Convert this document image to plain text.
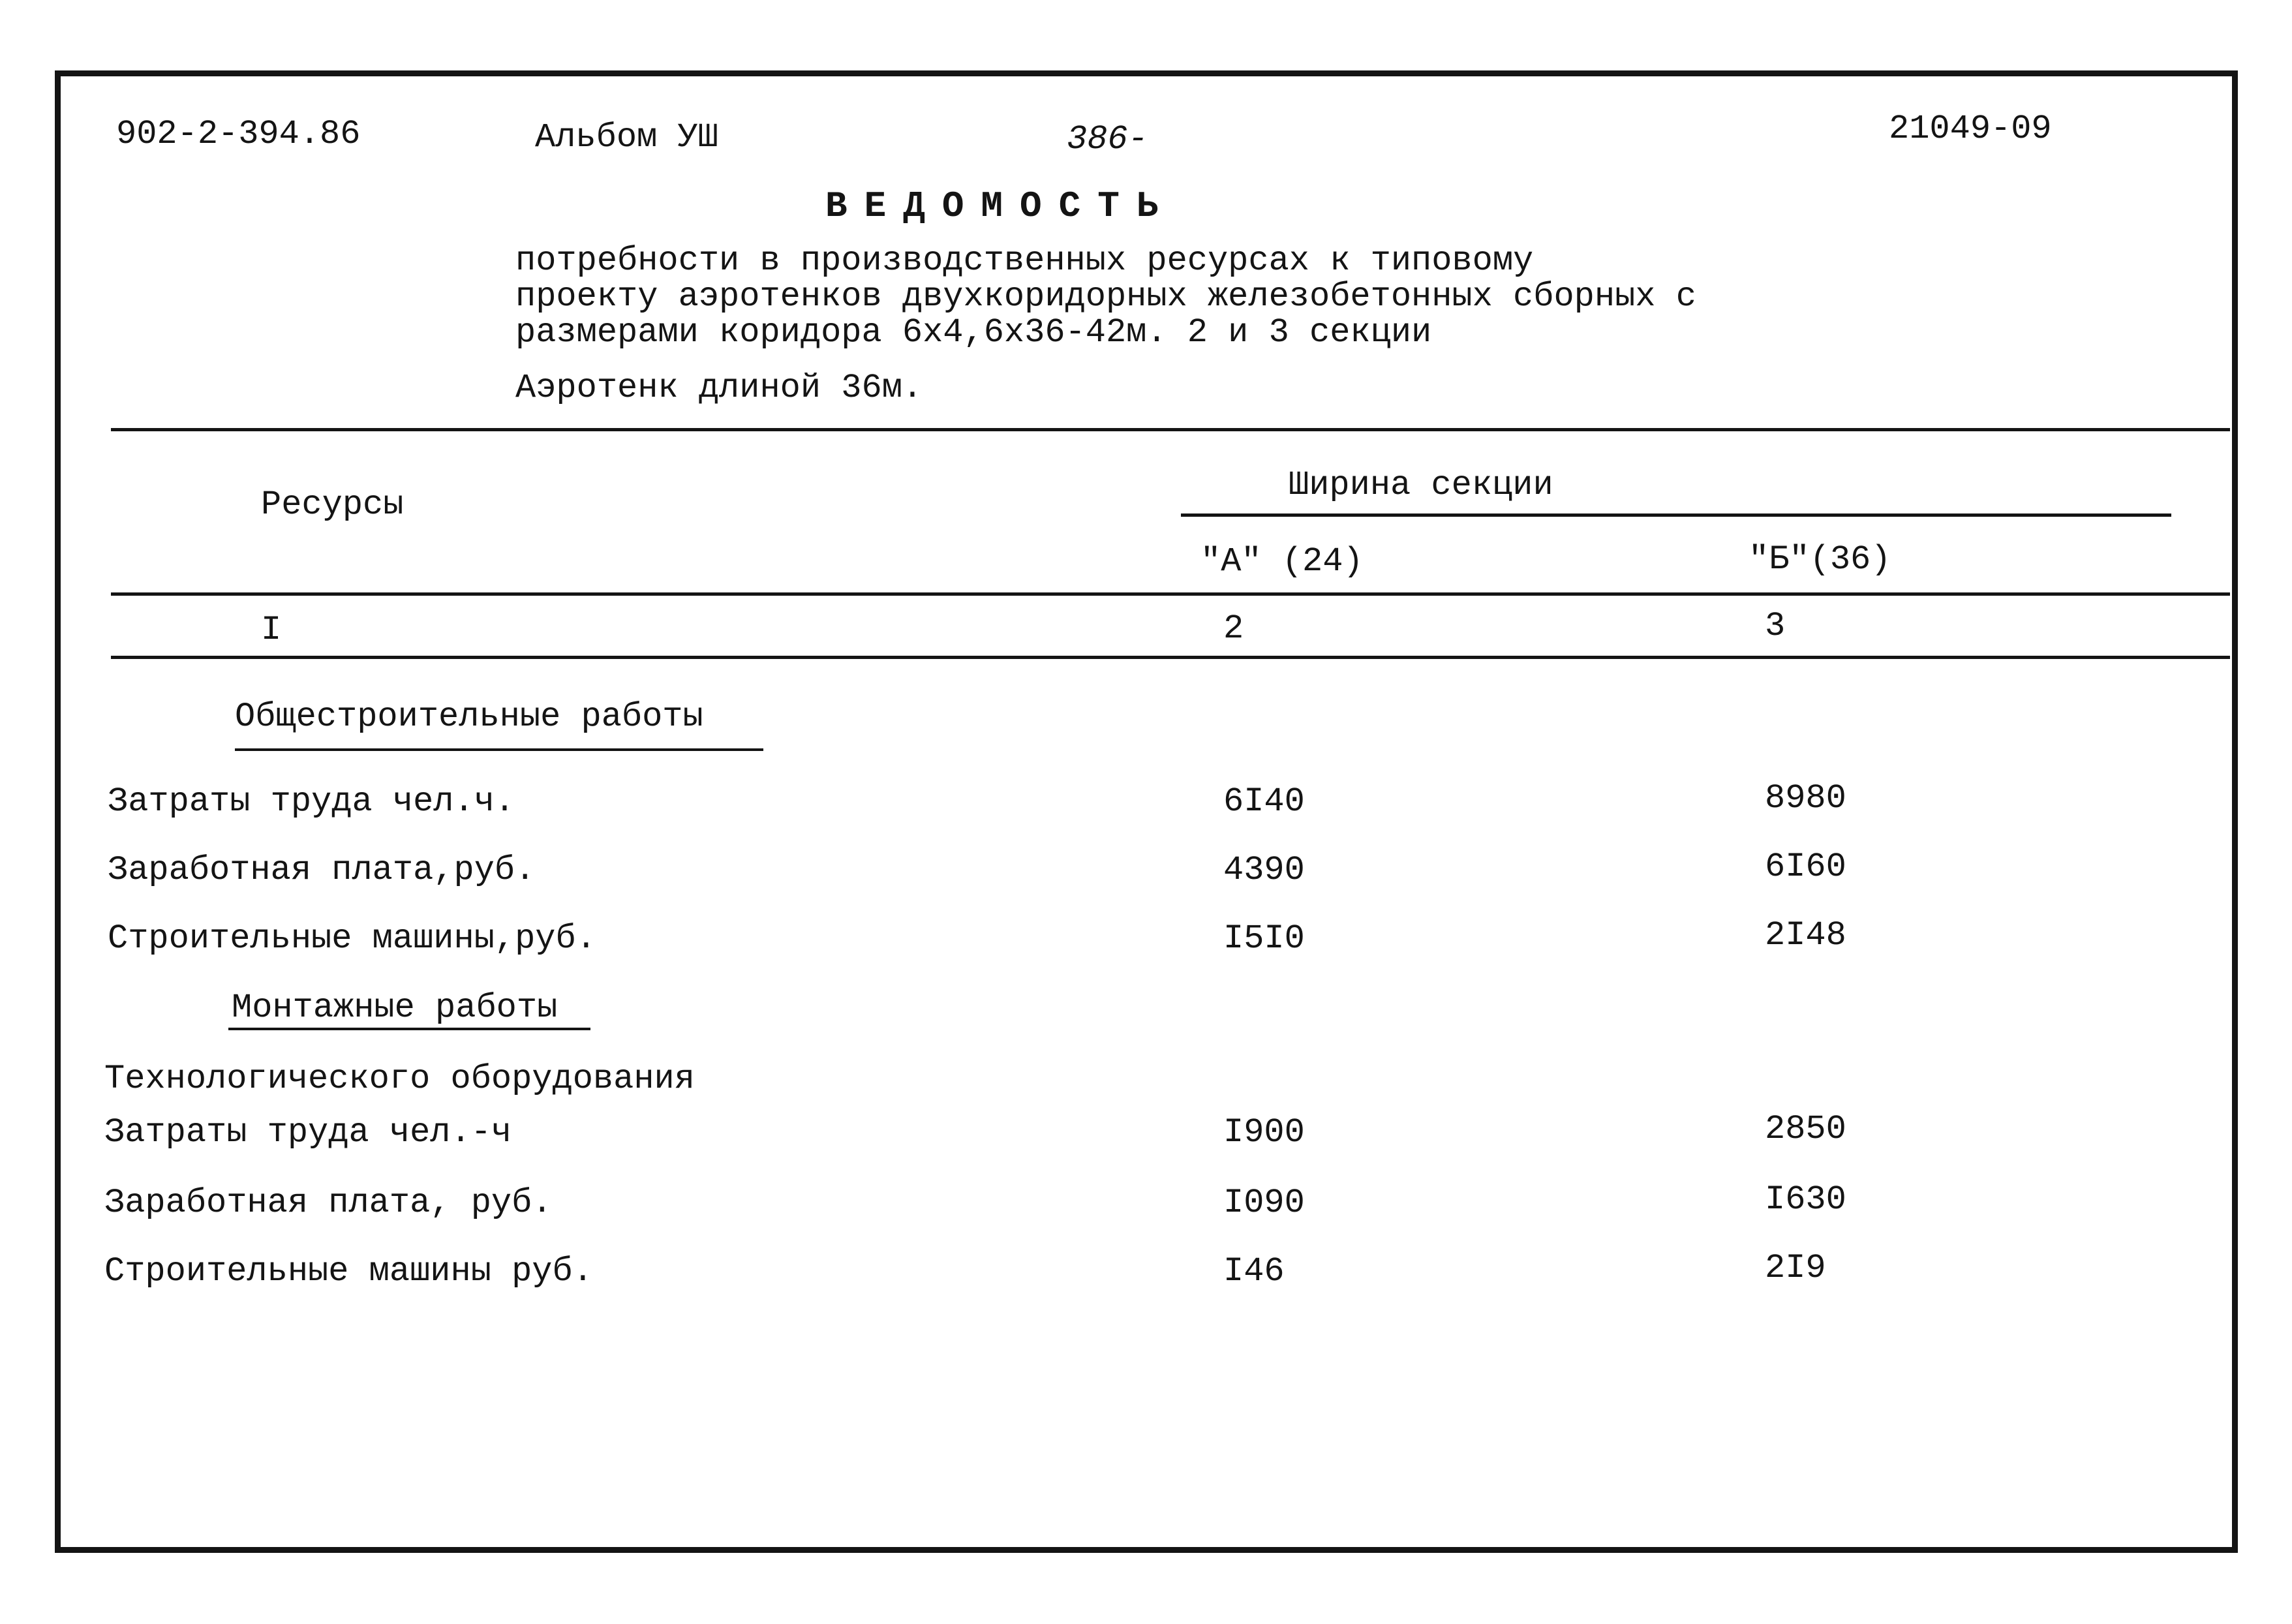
902-2-394.86	Альбом УШ	386-	21049-09
ВЕДОМОСТЬ
потребности в производственных ресурсах к типовому
проекту аэротенков двухкоридорных железобетонных сборных с
размерами коридора 6х4,6х36-42м. 2 и 3 секции
Аэротенк длиной 36м.
Ресурсы
Ширина секции
"А" (24)	"Б"(36)
I	2	3
Общестроительные работы
Затраты труда чел.ч.	6I40	8980
Заработная плата,руб.	4390	6I60
Строительные машины,руб.	I5I0	2I48
Монтажные работы
Технологического оборудования
Затраты труда чел.-ч	I900	2850
Заработная плата, руб.	I090	I630
Строительные машины руб.	I46	2I9
